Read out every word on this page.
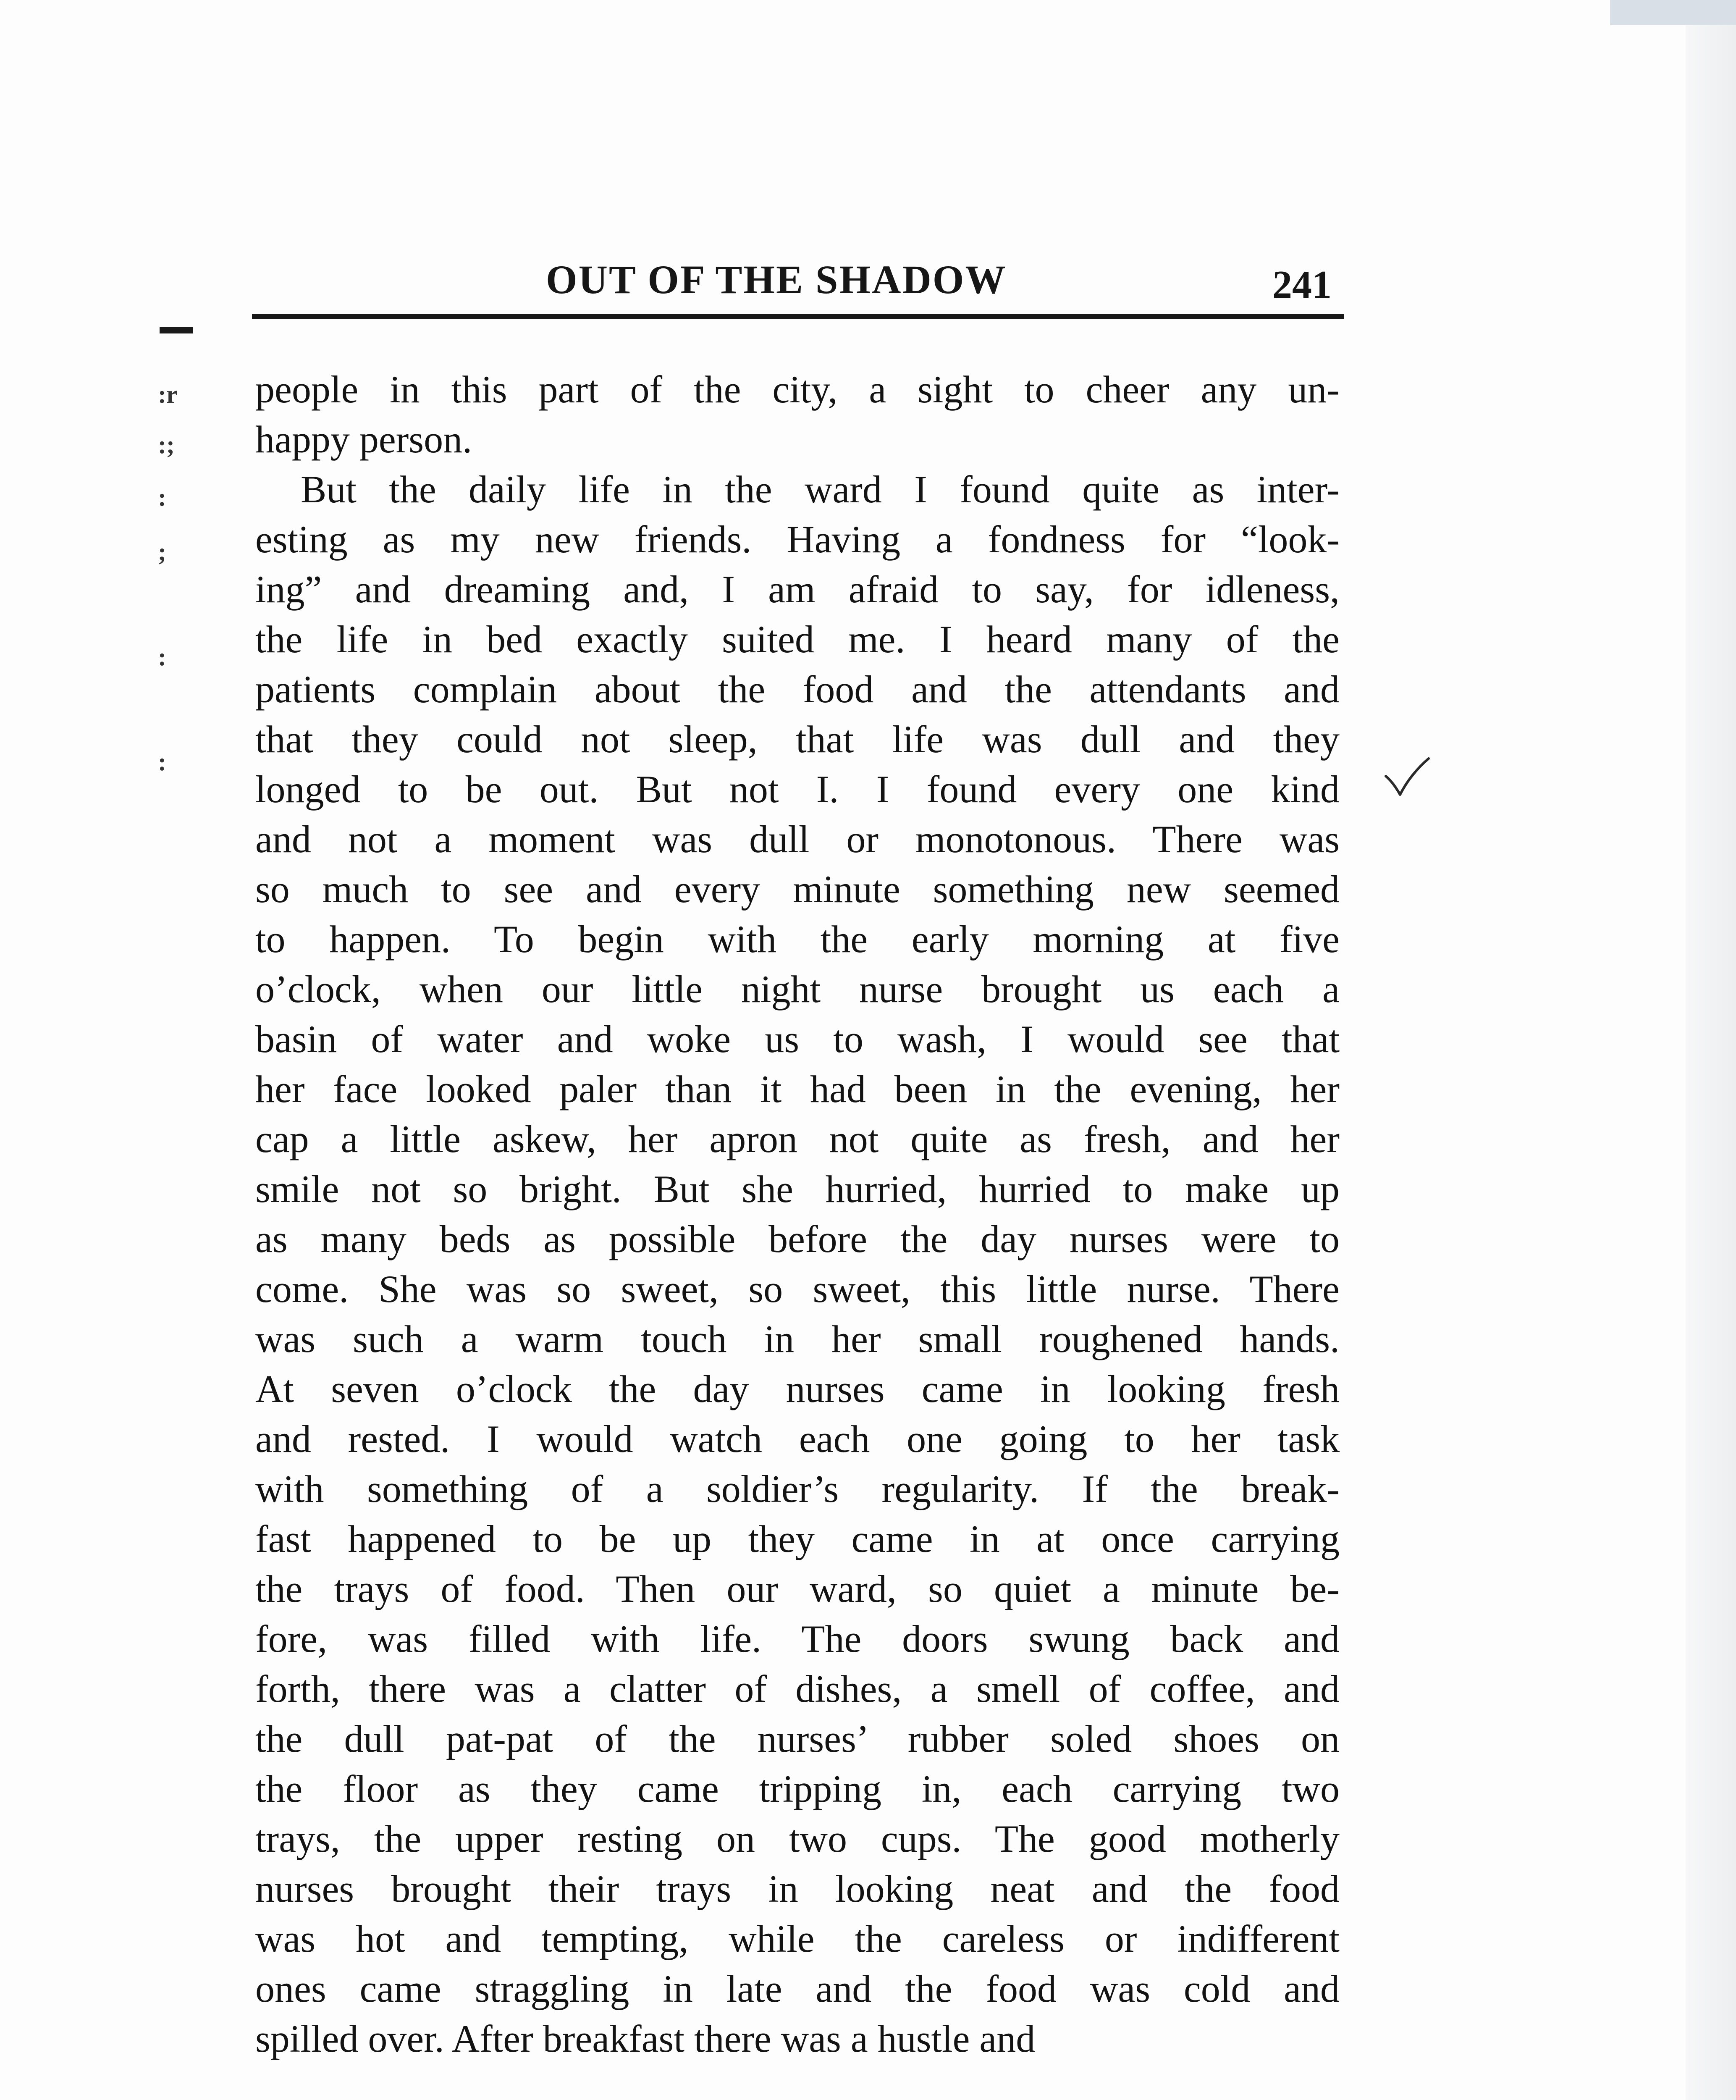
OUT OF THE SHADOW	241
:r
:;
:
;
:
:
people in this part of the city, a sight to cheer any un-
happy person.
But the daily life in the ward I found quite as inter-
esting as my new friends. Having a fondness for “look-
ing” and dreaming and, I am afraid to say, for idleness,
the life in bed exactly suited me. I heard many of the
patients complain about the food and the attendants and
that they could not sleep, that life was dull and they
longed to be out. But not I. I found every one kind
and not a moment was dull or monotonous. There was
so much to see and every minute something new seemed
to happen. To begin with the early morning at five
o’clock, when our little night nurse brought us each a
basin of water and woke us to wash, I would see that
her face looked paler than it had been in the evening, her
cap a little askew, her apron not quite as fresh, and her
smile not so bright. But she hurried, hurried to make up
as many beds as possible before the day nurses were to
come. She was so sweet, so sweet, this little nurse. There
was such a warm touch in her small roughened hands.
At seven o’clock the day nurses came in looking fresh
and rested. I would watch each one going to her task
with something of a soldier’s regularity. If the break-
fast happened to be up they came in at once carrying
the trays of food. Then our ward, so quiet a minute be-
fore, was filled with life. The doors swung back and
forth, there was a clatter of dishes, a smell of coffee, and
the dull pat-pat of the nurses’ rubber soled shoes on
the floor as they came tripping in, each carrying two
trays, the upper resting on two cups. The good motherly
nurses brought their trays in looking neat and the food
was hot and tempting, while the careless or indifferent
ones came straggling in late and the food was cold and
spilled over. After breakfast there was a hustle and
